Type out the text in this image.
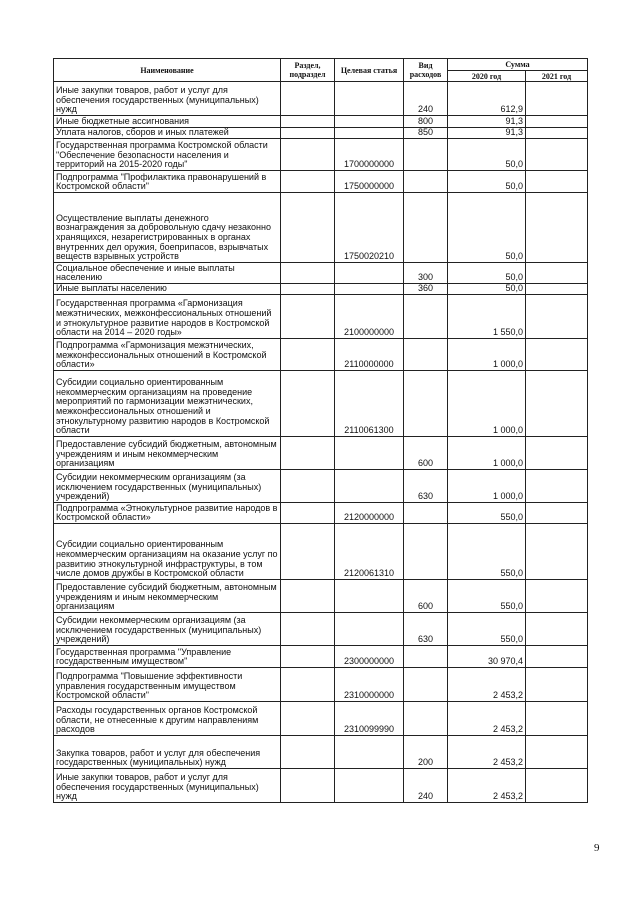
Наименование	Раздел, подраздел	Целевая статья	Вид расходов	Сумма	
				2020 год	2021 год
Иные закупки товаров, работ и услуг для обеспечения государственных (муниципальных) нужд			240	612,9	
Иные бюджетные ассигнования			800	91,3	
Уплата налогов, сборов и иных платежей			850	91,3	
Государственная программа Костромской области "Обеспечение безопасности населения и территорий на 2015-2020 годы"		1700000000		50,0	
Подпрограмма "Профилактика правонарушений в Костромской области"		1750000000		50,0	
Осуществление выплаты денежного вознаграждения за добровольную сдачу незаконно хранящихся, незарегистрированных в органах внутренних дел оружия, боеприпасов, взрывчатых веществ взрывных устройств		1750020210		50,0	
Социальное обеспечение и иные выплаты населению			300	50,0	
Иные выплаты населению			360	50,0	
Государственная программа «Гармонизация межэтнических, межконфессиональных отношений и этнокультурное развитие народов в Костромской области на 2014 – 2020 годы»		2100000000		1 550,0	
Подпрограмма «Гармонизация межэтнических, межконфессиональных отношений в Костромской области»		2110000000		1 000,0	
Субсидии социально ориентированным некоммерческим организациям на проведение мероприятий по гармонизации межэтнических, межконфессиональных отношений и этнокультурному развитию народов в Костромской области		2110061300		1 000,0	
Предоставление субсидий бюджетным, автономным учреждениям и иным некоммерческим организациям			600	1 000,0	
Субсидии некоммерческим организациям (за исключением государственных (муниципальных) учреждений)			630	1 000,0	
Подпрограмма «Этнокультурное развитие народов в Костромской области»		2120000000		550,0	
Субсидии социально ориентированным некоммерческим организациям на оказание услуг по развитию этнокультурной инфраструктуры, в том числе домов дружбы в Костромской области		2120061310		550,0	
Предоставление субсидий бюджетным, автономным учреждениям и иным некоммерческим организациям			600	550,0	
Субсидии некоммерческим организациям (за исключением государственных (муниципальных) учреждений)			630	550,0	
Государственная программа "Управление государственным имуществом"		2300000000		30 970,4	
Подпрограмма "Повышение эффективности управления государственным имуществом Костромской области"		2310000000		2 453,2	
Расходы государственных органов Костромской области, не отнесенные к другим направлениям расходов		2310099990		2 453,2	
Закупка товаров, работ и услуг для обеспечения государственных (муниципальных) нужд			200	2 453,2	
Иные закупки товаров, работ и услуг для обеспечения государственных (муниципальных) нужд			240	2 453,2	
9
